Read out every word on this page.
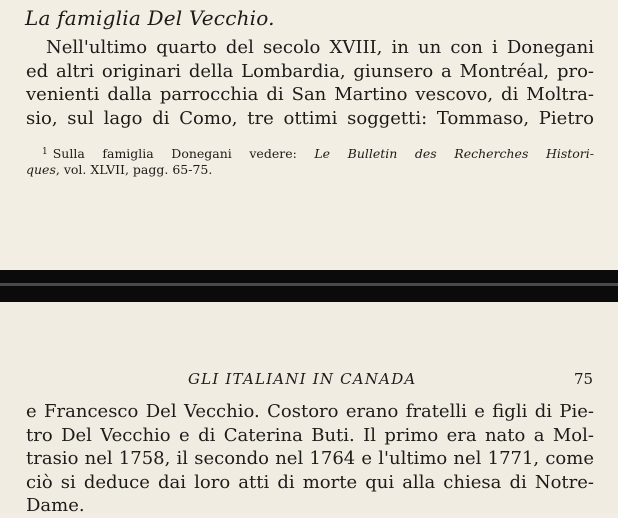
La famiglia Del Vecchio.
Nell'ultimo quarto del secolo XVIII, in un con i Donegani
ed altri originari della Lombardia, giunsero a Montréal, pro-
venienti dalla parrocchia di San Martino vescovo, di Moltra-
sio, sul lago di Como, tre ottimi soggetti: Tommaso, Pietro
$^1$ Sulla famiglia Donegani vedere: Le Bulletin des Recherches Histori-
ques, vol. XLVII, pagg. 65-75.
GLI ITALIANI IN CANADA	75
e Francesco Del Vecchio. Costoro erano fratelli e figli di Pie-
tro Del Vecchio e di Caterina Buti. Il primo era nato a Mol-
trasio nel 1758, il secondo nel 1764 e l'ultimo nel 1771, come
ciò si deduce dai loro atti di morte qui alla chiesa di Notre-
Dame.
